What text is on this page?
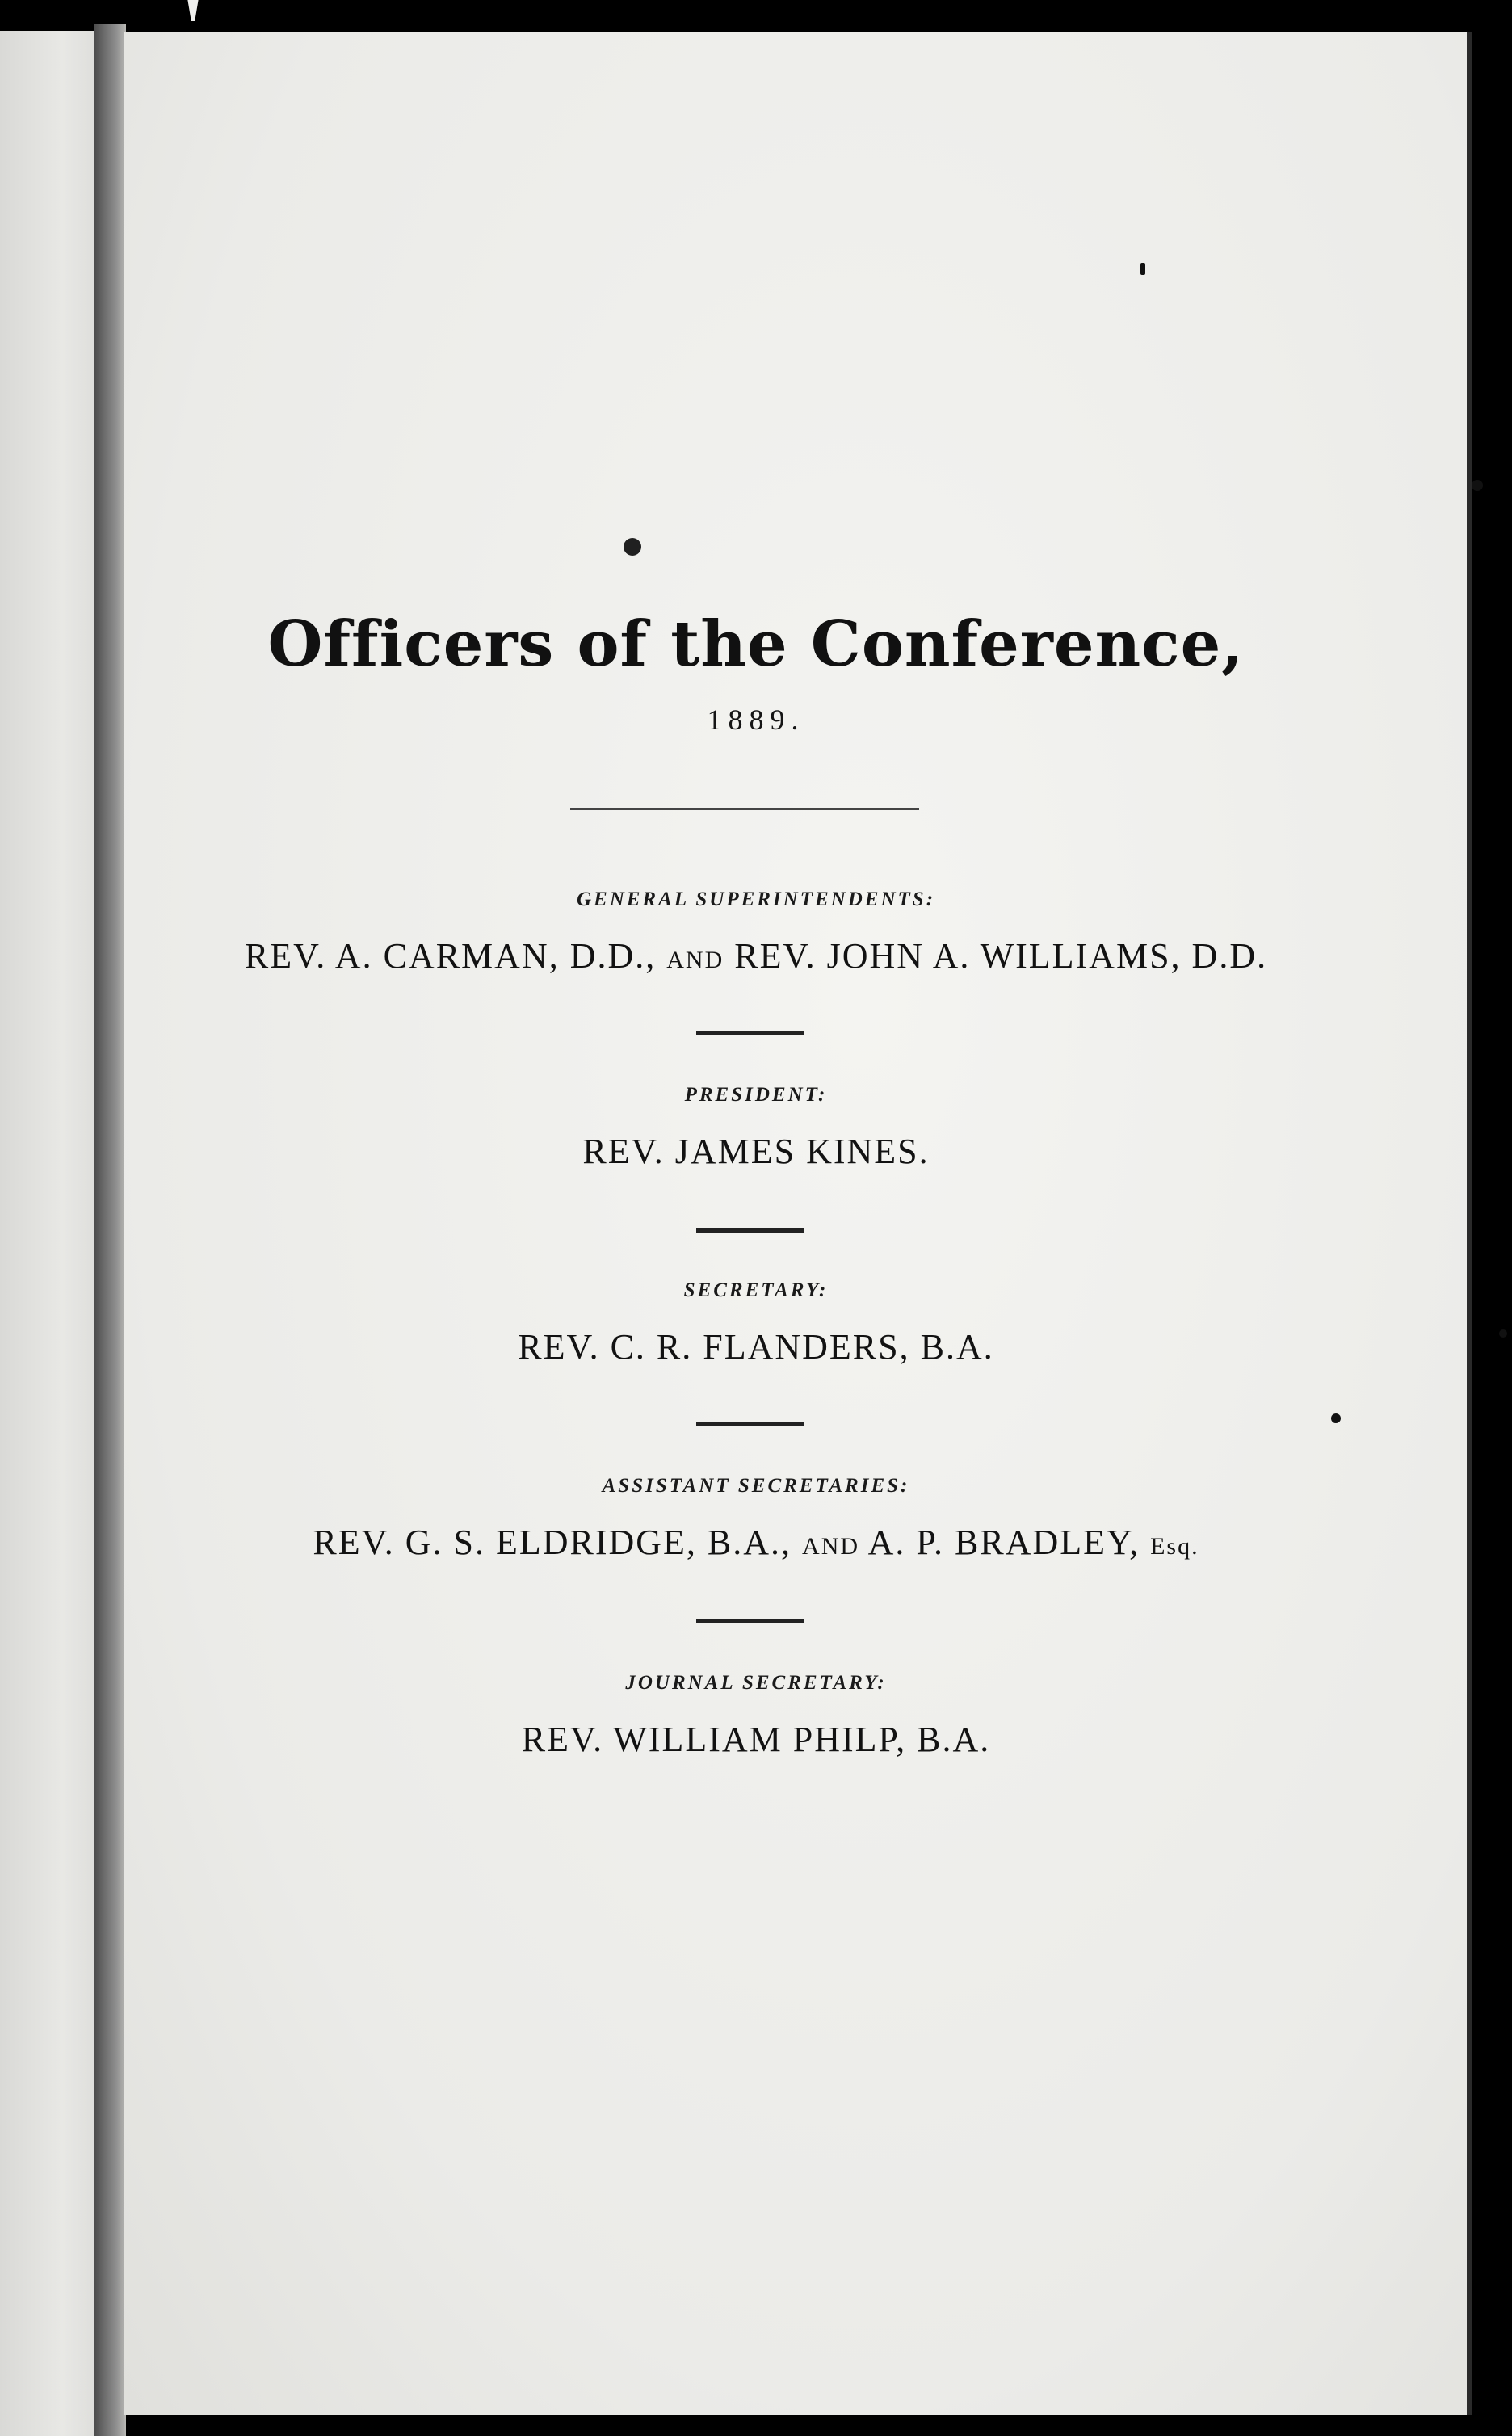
Officers of the Conference,
1889.
GENERAL SUPERINTENDENTS:
REV. A. CARMAN, D.D., AND REV. JOHN A. WILLIAMS, D.D.
PRESIDENT:
REV. JAMES KINES.
SECRETARY:
REV. C. R. FLANDERS, B.A.
ASSISTANT SECRETARIES:
REV. G. S. ELDRIDGE, B.A., AND A. P. BRADLEY, Esq.
JOURNAL SECRETARY:
REV. WILLIAM PHILP, B.A.
